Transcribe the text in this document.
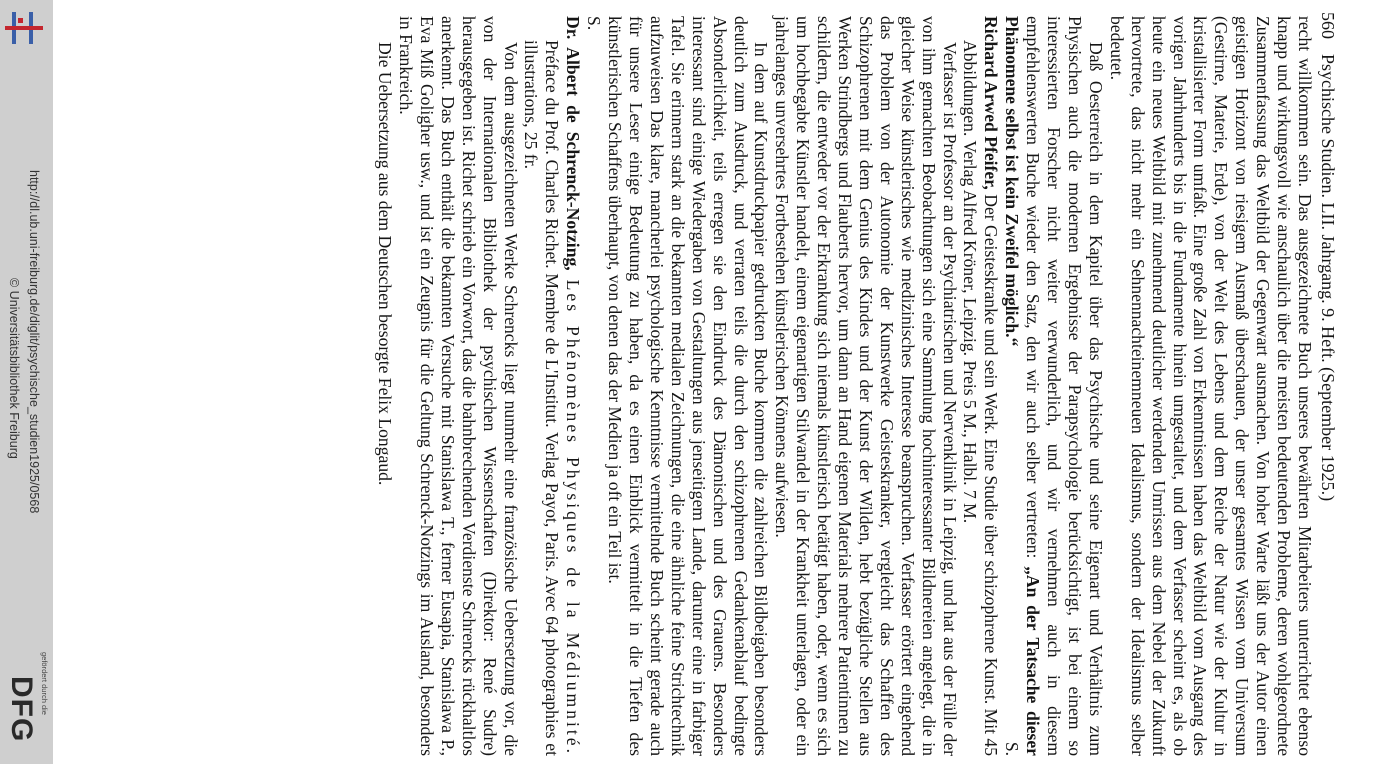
http://dl.ub.uni-freiburg.de/diglit/psychische_studien1925/0568
© Universitätsbibliothek Freiburg
gefördert durch die
DFG
560Psychische Studien. LII. Jahrgang. 9. Heft. (September 1925.)

recht willkommen sein. Das ausgezeichnete Buch unseres bewährten Mitarbeiters unterrichtet ebenso knapp und wirkungsvoll wie anschaulich über die meisten bedeutenden Probleme, deren wohlgeordnete Zusammenfassung das Weltbild der Gegenwart ausmachen. Von hoher Warte läßt uns der Autor einen geistigen Horizont von riesigem Ausmaß überschauen, der unser gesamtes Wissen vom Universum (Gestirne, Materie, Erde), von der Welt des Lebens und dem Reiche der Natur wie der Kultur in kristallisierter Form umfaßt. Eine große Zahl von Erkenntnissen haben das Weltbild vom Ausgang des vorigen Jahrhunderts bis in die Fundamente hinein umgestaltet, und dem Verfasser scheint es, als ob heute ein neues Weltbild mit zunehmend deutlicher werdenden Umrissen aus dem Nebel der Zukunft hervortrete, das nicht mehr ein Sehnennachteinemneuen Idealismus, sondern der Idealismus selber bedeutet.

Daß Oesterreich in dem Kapitel über das Psychische und seine Eigenart und Verhältnis zum Physischen auch die modernen Ergebnisse der Parapsychologie berücksichtigt, ist bei einem so interessierten Forscher nicht weiter verwunderlich, und wir vernehmen auch in diesem empfehlenswerten Buche wieder den Satz, den wir auch selber vertreten: „An der Tatsache dieser Phänomene selbst ist kein Zweifel möglich.“
S.

Richard Arwed Pfeifer, Der Geisteskranke und sein Werk. Eine Studie über schizophrene Kunst. Mit 45 Abbildungen. Verlag Alfred Kröner, Leipzig. Preis 5 M., Halbl. 7 M.

Verfasser ist Professor an der Psychiatrischen und Nervenklinik in Leipzig, und hat aus der Fülle der von ihm gemachten Beobachtungen sich eine Sammlung hochinteressanter Bildnereien angelegt, die in gleicher Weise künstlerisches wie medizinisches Interesse beanspruchen. Verfasser erörtert eingehend das Problem von der Autonomie der Kunstwerke Geisteskranker, vergleicht das Schaffen des Schizophrenen mit dem Genius des Kindes und der Kunst der Wilden, hebt bezügliche Stellen aus Werken Strindbergs und Flauberts hervor, um dann an Hand eigenen Materials mehrere Patientinnen zu schildern, die entweder vor der Erkrankung sich niemals künstlerisch betätigt haben, oder, wenn es sich um hochbegabte Künstler handelt, einem eigenartigen Stilwandel in der Krankheit unterlagen, oder ein jahrelanges unversehrtes Fortbestehen künstlerischen Könnens aufwiesen.

In dem auf Kunstdruckpapier gedruckten Buche kommen die zahlreichen Bildbeigaben besonders deutlich zum Ausdruck, und verraten teils die durch den schizophrenen Gedankenablauf bedingte Absonderlichkeit, teils erregen sie den Eindruck des Dämonischen und des Grauens. Besonders interessant sind einige Wiedergaben von Gestaltungen aus jenseitigem Lande, darunter eine in farbiger Tafel. Sie erinnern stark an die bekannten medialen Zeichnungen, die eine ähnliche feine Strichtechnik aufzuweisen Das klare, mancherlei psychologische Kenntnisse vermittelnde Buch scheint gerade auch für unsere Leser einige Bedeutung zu haben, da es einen Einblick vermittelt in die Tiefen des künstlerischen Schaffens überhaupt, von denen das der Medien ja oft ein Teil ist.

S.

Dr. Albert de Schrenck-Notzing, Les Phénomènes Physiques de la Médiumnité. Préface du Prof. Charles Richet. Membre de L'Institut. Verlag Payot, Paris. Avec 64 photographies et illustrations, 25 fr.

Von dem ausgezeichneten Werke Schrencks liegt nunmehr eine französische Uebersetzung vor, die von der Internationalen Bibliothek der psychischen Wissenschaften (Direktor: René Sudre) herausgegeben ist. Richet schrieb ein Vorwort, das die bahnbrechenden Verdienste Schrencks rückhaltlos anerkennt. Das Buch enthält die bekannten Versuche mit Stanislawa T., ferner Eusapia, Stanislawa P., Eva Miß Goligher usw., und ist ein Zeugnis für die Geltung Schrenck-Notzings im Ausland, besonders in Frankreich.

Die Uebersetzung aus dem Deutschen besorgte Felix Longaud.
